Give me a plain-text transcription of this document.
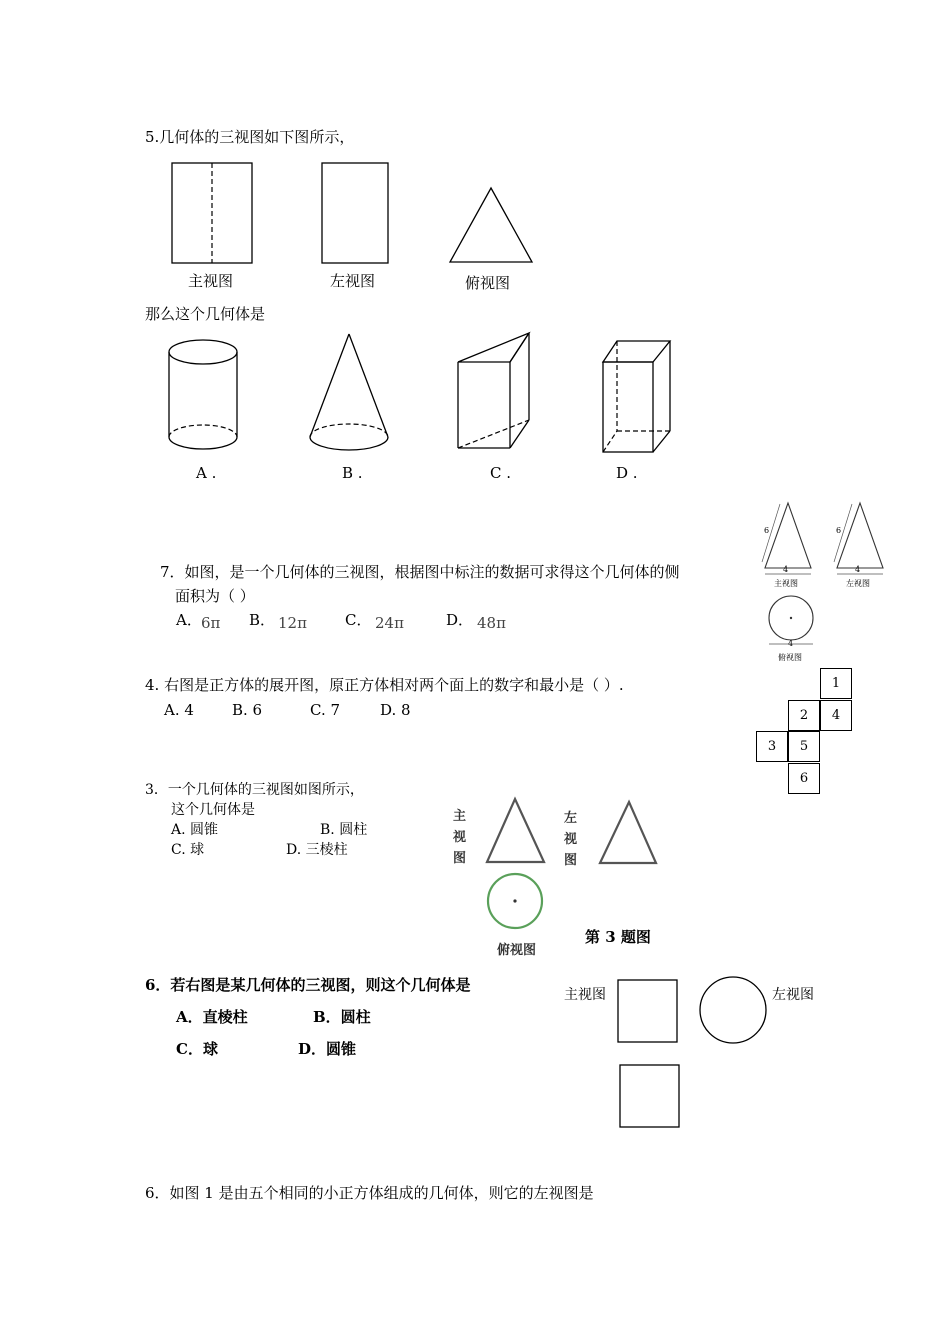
5.几何体的三视图如下图所示，
主视图	左视图	俯视图
那么这个几何体是
A .	B .	C .	D .
7．如图，是一个几何体的三视图，根据图中标注的数据可求得这个几何体的侧
面积为（ ）
A． 6π B． 12π	C． 24π	D． 48π
6
4
主视图
6
4
左视图
4
俯视图
4. 右图是正方体的展开图，原正方体相对两个面上的数字和最小是（ ）.
A. 4	B. 6	C. 7	D. 8
1
2	4
3	5
6
3．一个几何体的三视图如图所示，
这个几何体是
A. 圆锥	B. 圆柱
C. 球	D. 三棱柱
主视图
左视图
俯视图
第 3 题图
6．若右图是某几何体的三视图，则这个几何体是
A．直棱柱	B．圆柱
C．球	D．圆锥
主视图	左视图
6．如图 1 是由五个相同的小正方体组成的几何体，则它的左视图是
